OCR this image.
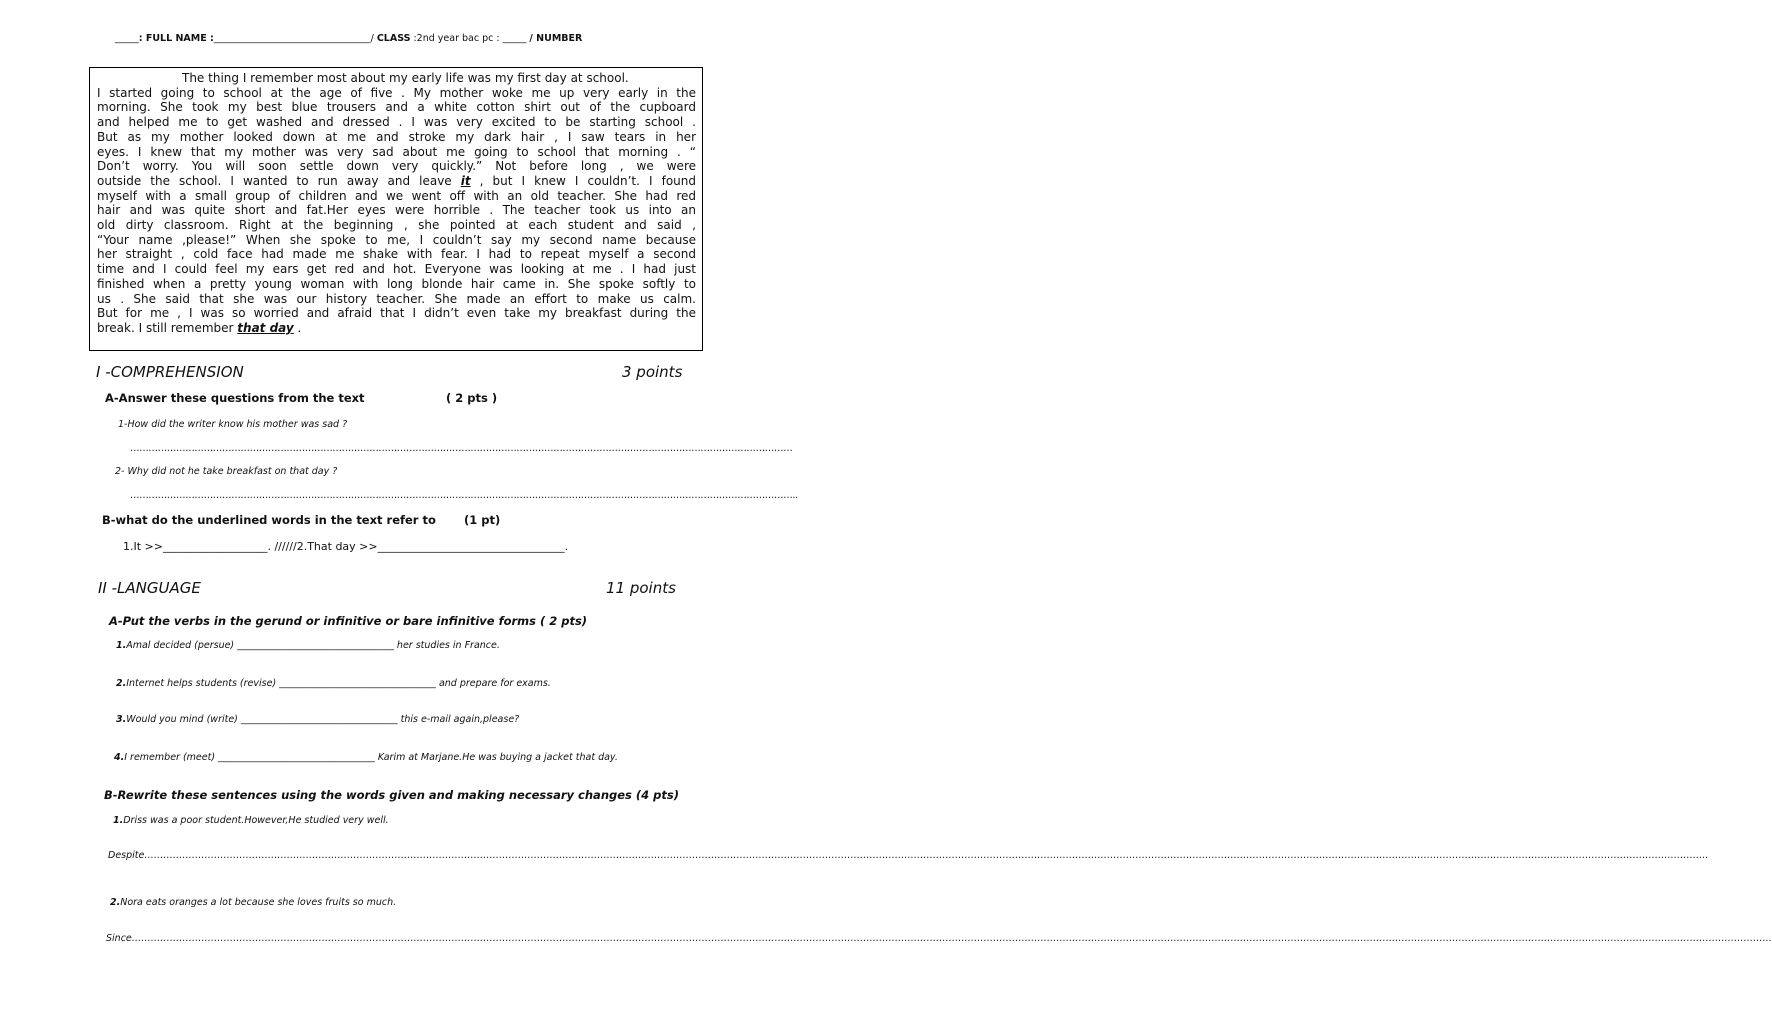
_____: FULL NAME :_________________________________/ CLASS :2nd year bac pc : _____ / NUMBER
The thing I remember most about my early life was my first day at school.
I started going to school at the age of five . My mother woke me up very early in the
morning. She took my best blue trousers and a white cotton shirt out of the cupboard
and helped me to get washed and dressed . I was very excited to be starting school .
But as my mother looked down at me and stroke my dark hair , I saw tears in her
eyes. I knew that my mother was very sad about me going to school that morning . “
Don’t worry. You will soon settle down very quickly.” Not before long , we were
outside the school. I wanted to run away and leave it , but I knew I couldn’t. I found
myself with a small group of children and we went off with an old teacher. She had red
hair and was quite short and fat.Her eyes were horrible . The teacher took us into an
old dirty classroom. Right at the beginning , she pointed at each student and said ,
“Your name ,please!” When she spoke to me, I couldn’t say my second name because
her straight , cold face had made me shake with fear. I had to repeat myself a second
time and I could feel my ears get red and hot. Everyone was looking at me . I had just
finished when a pretty young woman with long blonde hair came in. She spoke softly to
us . She said that she was our history teacher. She made an effort to make us calm.
But for me , I was so worried and afraid that I didn’t even take my breakfast during the
break. I still remember that day .
I -COMPREHENSION	3 points
A-Answer these questions from the text	( 2 pts )
1-How did the writer know his mother was sad ?
………………………………………………………………………………………………………………………………………………………………………………………………
2- Why did not he take breakfast on that day ?
………………………………………………………………………………………………………………………………………………………………………………………………..
B-what do the underlined words in the text refer to (1 pt)
1.It >>___________________. //////2.That day >>__________________________________.
II -LANGUAGE	11 points
A-Put the verbs in the gerund or infinitive or bare infinitive forms ( 2 pts)
1.Amal decided (persue) _________________________________ her studies in France.
2.Internet helps students (revise) _________________________________ and prepare for exams.
3.Would you mind (write) _________________________________ this e-mail again,please?
4.I remember (meet) _________________________________ Karim at Marjane.He was buying a jacket that day.
B-Rewrite these sentences using the words given and making necessary changes (4 pts)
1.Driss was a poor student.However,He studied very well.
Despite……………………………………………………………………………………………………………………………………………………………………………………………………………………………………………………………………………………………………………………………………………………………………………………………………………………………………………………..
2.Nora eats oranges a lot because she loves fruits so much.
Since…………………………………………………………………………………………………………………………………………………………………………………………………………………………………………………………………………………………………………………………………………………………………………………………………………………………………………………………………………..
